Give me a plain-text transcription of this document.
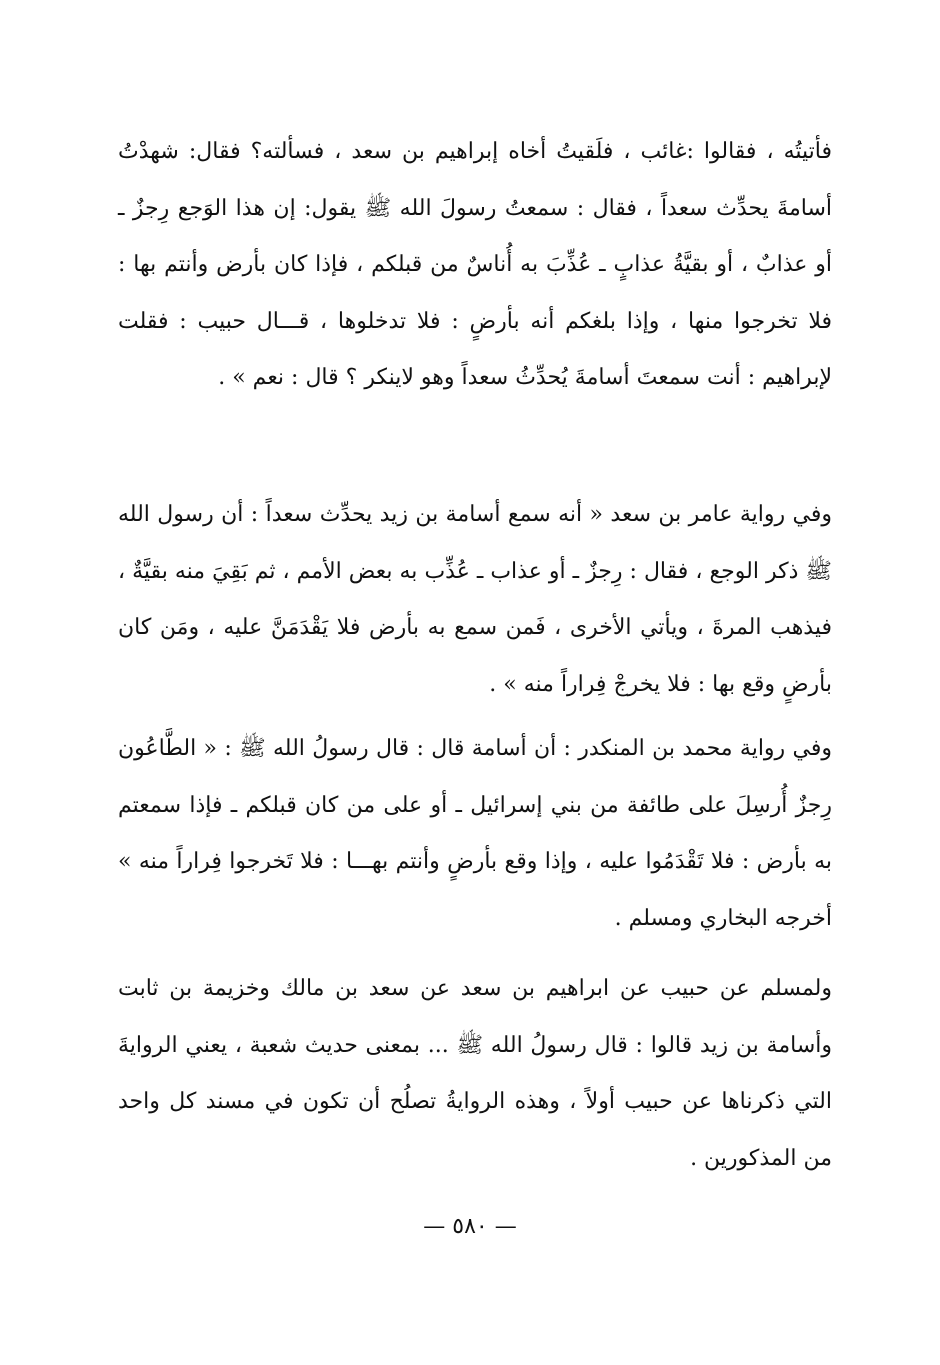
فأتيتُه ، فقالوا :غائب ، فلَقيتُ أخاه إبراهيم بن سعد ، فسألته؟ فقال: شهدْتُ أسامةَ يحدِّث سعداً ، فقال : سمعتُ رسولَ الله ﷺ يقول: إن هذا الوَجع رِجزٌ ـ أو عذابٌ ، أو بقيَّةُ عذابٍ ـ عُذِّبَ به أُناسٌ من قبلكم ، فإذا كان بأرض وأنتم بها : فلا تخرجوا منها ، وإذا بلغكم أنه بأرضٍ : فلا تدخلوها ، قـــال حبيب : فقلت لإبراهيم : أنت سمعتَ أسامةَ يُحدِّثُ سعداً وهو لاينكر ؟ قال : نعم » .

وفي رواية عامر بن سعد « أنه سمع أسامة بن زيد يحدِّث سعداً : أن رسول الله ﷺ ذكر الوجع ، فقال : رِجزٌ ـ أو عذاب ـ عُذِّب به بعض الأمم ، ثم بَقِيَ منه بقيَّةٌ ، فيذهب المرةَ ، ويأتي الأخرى ، فَمن سمع به بأرض فلا يَقْدَمَنَّ عليه ، ومَن كان بأرضٍ وقع بها : فلا يخرجْ فِراراً منه » .

وفي رواية محمد بن المنكدر : أن أسامة قال : قال رسولُ الله ﷺ : « الطَّاعُون رِجزٌ أُرسِلَ على طائفة من بني إسرائيل ـ أو على من كان قبلكم ـ فإذا سمعتم به بأرض : فلا تَقْدَمُوا عليه ، وإذا وقع بأرضٍ وأنتم بهـــا : فلا تَخرجوا فِراراً منه » أخرجه البخاري ومسلم .

ولمسلم عن حبيب عن ابراهيم بن سعد عن سعد بن مالك وخزيمة بن ثابت وأسامة بن زيد قالوا : قال رسولُ الله ﷺ ... بمعنى حديث شعبة ، يعني الروايةَ التي ذكرناها عن حبيب أولاً ، وهذه الروايةُ تصلُح أن تكون في مسند كل واحد من المذكورين .

— ٥٨٠ —
